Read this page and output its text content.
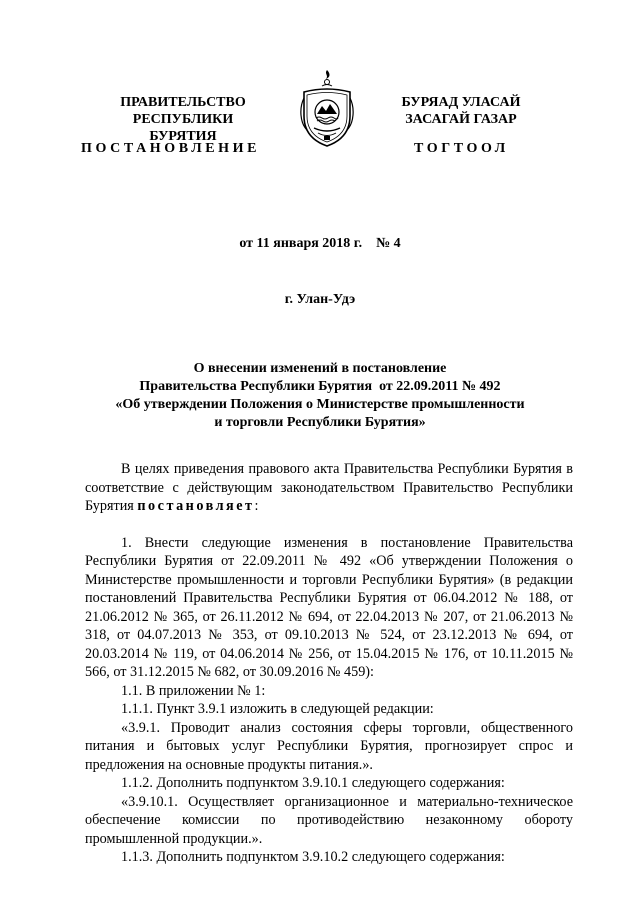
ПРАВИТЕЛЬСТВО
РЕСПУБЛИКИ БУРЯТИЯ
БУРЯАД УЛАСАЙ
ЗАСАГАЙ ГАЗАР
ПОСТАНОВЛЕНИЕ	ТОГТООЛ
от 11 января 2018 г.    № 4
г. Улан-Удэ
О внесении изменений в постановление
Правительства Республики Бурятия  от 22.09.2011 № 492
«Об утверждении Положения о Министерстве промышленности
и торговли Республики Бурятия»

В целях приведения правового акта Правительства Республики Бурятия в соответствие с действующим законодательством Правительство Республики Бурятия постановляет:

1. Внести следующие изменения в постановление Правительства Республики Бурятия от 22.09.2011 № 492 «Об утверждении Положения о Министерстве промышленности и торговли Республики Бурятия» (в редакции постановлений Правительства Республики Бурятия от 06.04.2012 № 188, от 21.06.2012 № 365, от 26.11.2012 № 694, от 22.04.2013 № 207, от 21.06.2013 № 318, от 04.07.2013 № 353, от 09.10.2013 № 524, от 23.12.2013 № 694, от 20.03.2014 № 119, от 04.06.2014 № 256, от 15.04.2015 № 176, от 10.11.2015 № 566, от 31.12.2015 № 682, от 30.09.2016 № 459):

1.1. В приложении № 1:

1.1.1. Пункт 3.9.1 изложить в следующей редакции:

«3.9.1. Проводит анализ состояния сферы торговли, общественного питания и бытовых услуг Республики Бурятия, прогнозирует спрос и предложения на основные продукты питания.».

1.1.2. Дополнить подпунктом 3.9.10.1 следующего содержания:

«3.9.10.1. Осуществляет организационное и материально-техническое обеспечение комиссии по противодействию незаконному обороту промышленной продукции.».

1.1.3. Дополнить подпунктом 3.9.10.2 следующего содержания:
